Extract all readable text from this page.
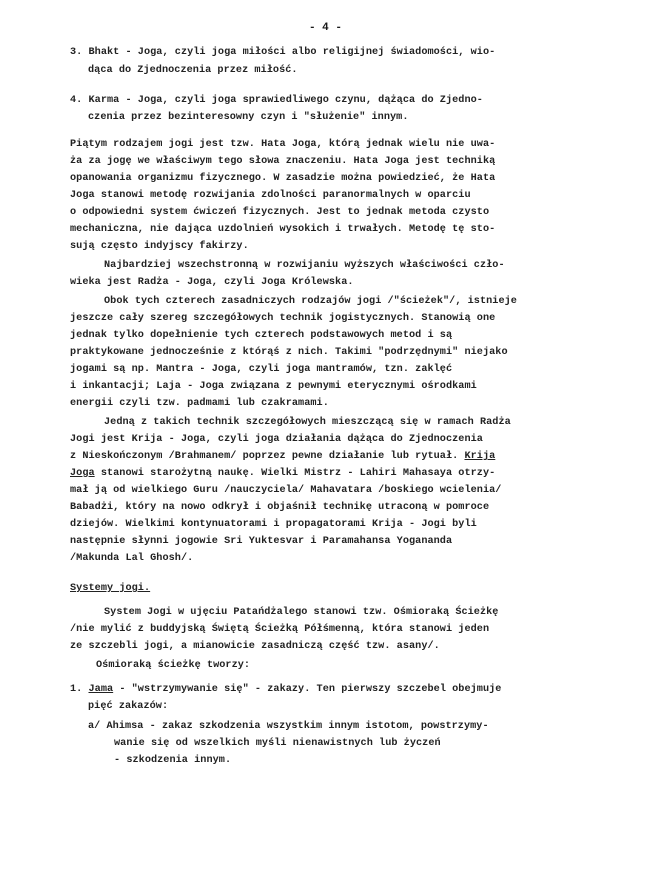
- 4 -
3. Bhakt - Joga, czyli joga miłości albo religijnej świadomości, wio-
dąca do Zjednoczenia przez miłość.
4. Karma - Joga, czyli joga sprawiedliwego czynu, dążąca do Zjedno-
czenia przez bezinteresowny czyn i "służenie" innym.
Piątym rodzajem jogi jest tzw. Hata Joga, którą jednak wielu nie uwa-
ża za jogę we właściwym tego słowa znaczeniu. Hata Joga jest techniką
opanowania organizmu fizycznego. W zasadzie można powiedzieć, że Hata
Joga stanowi metodę rozwijania zdolności paranormalnych w oparciu
o odpowiedni system ćwiczeń fizycznych. Jest to jednak metoda czysto
mechaniczna, nie dająca uzdolnień wysokich i trwałych. Metodę tę sto-
sują często indyjscy fakirzy.
Najbardziej wszechstronną w rozwijaniu wyższych właściwości czło-
wieka jest Radża - Joga, czyli Joga Królewska.
Obok tych czterech zasadniczych rodzajów jogi /"ścieżek"/, istnieje
jeszcze cały szereg szczegółowych technik jogistycznych. Stanowią one
jednak tylko dopełnienie tych czterech podstawowych metod i są
praktykowane jednocześnie z którąś z nich. Takimi "podrzędnymi" niejako
jogami są np. Mantra - Joga, czyli joga mantramów, tzn. zaklęć
i inkantacji; Laja - Joga związana z pewnymi eterycznymi ośrodkami
energii czyli tzw. padmami lub czakramami.
Jedną z takich technik szczegółowych mieszczącą się w ramach Radża
Jogi jest Krija - Joga, czyli joga działania dążąca do Zjednoczenia
z Nieskończonym /Brahmanem/ poprzez pewne działanie lub rytuał. Krija
Joga stanowi starożytną naukę. Wielki Mistrz - Lahiri Mahasaya otrzy-
mał ją od wielkiego Guru /nauczyciela/ Mahavatara /boskiego wcielenia/
Babadżi, który na nowo odkrył i objaśnił technikę utraconą w pomroce
dziejów. Wielkimi kontynuatorami i propagatorami Krija - Jogi byli
następnie słynni jogowie Sri Yuktesvar i Paramahansa Yogananda
/Makunda Lal Ghosh/.
Systemy jogi.
System Jogi w ujęciu Patańdżalego stanowi tzw. Ośmioraką Ścieżkę
/nie mylić z buddyjską Świętą Ścieżką Półśmenną, która stanowi jeden
ze szczebli jogi, a mianowicie zasadniczą część tzw. asany/.
Ośmioraką ścieżkę tworzy:
1. Jama - "wstrzymywanie się" - zakazy. Ten pierwszy szczebel obejmuje
pięć zakazów:
a/ Ahimsa - zakaz szkodzenia wszystkim innym istotom, powstrzymy-
wanie się od wszelkich myśli nienawistnych lub życzeń
- szkodzenia innym.
